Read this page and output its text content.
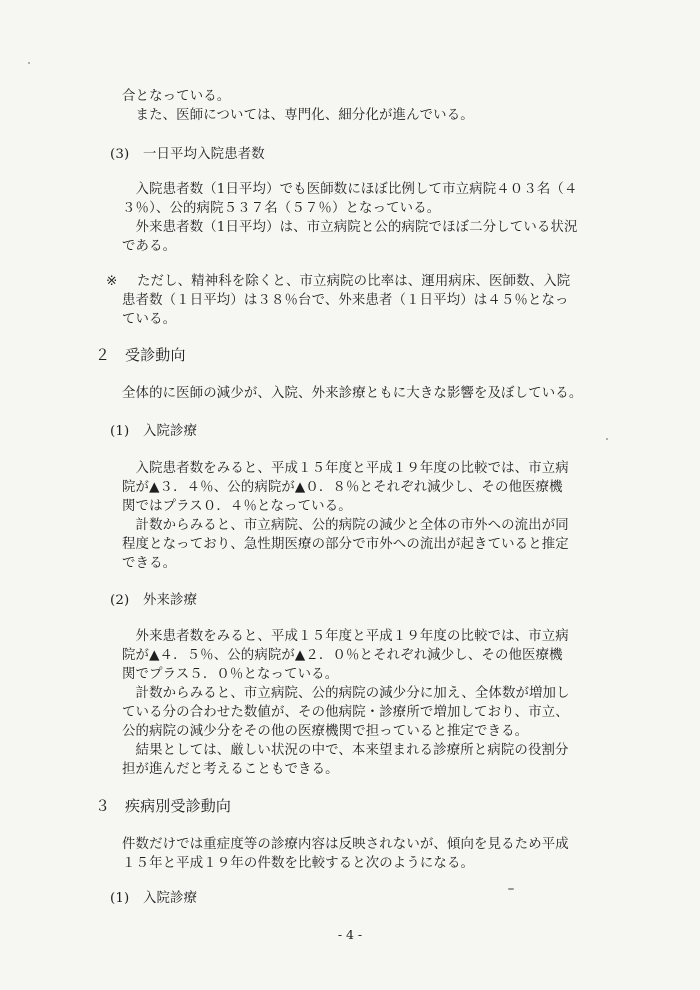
合となっている。
　また、医師については、専門化、細分化が進んでいる。
(3)　一日平均入院患者数
　入院患者数（1日平均）でも医師数にほぼ比例して市立病院４０３名（４
３％）、公的病院５３７名（５７％）となっている。
　外来患者数（1日平均）は、市立病院と公的病院でほぼ二分している状況
である。
※ ただし、精神科を除くと、市立病院の比率は、運用病床、医師数、入院
患者数（１日平均）は３８％台で、外来患者（１日平均）は４５％となっ
ている。
２ 受診動向
全体的に医師の減少が、入院、外来診療ともに大きな影響を及ぼしている。
(1)　入院診療
　入院患者数をみると、平成１５年度と平成１９年度の比較では、市立病
院が▲３．４％、公的病院が▲０．８％とそれぞれ減少し、その他医療機
関ではプラス０．４％となっている。
　計数からみると、市立病院、公的病院の減少と全体の市外への流出が同
程度となっており、急性期医療の部分で市外への流出が起きていると推定
できる。
(2)　外来診療
　外来患者数をみると、平成１５年度と平成１９年度の比較では、市立病
院が▲４．５％、公的病院が▲２．０％とそれぞれ減少し、その他医療機
関でプラス５．０％となっている。
　計数からみると、市立病院、公的病院の減少分に加え、全体数が増加し
ている分の合わせた数値が、その他病院・診療所で増加しており、市立、
公的病院の減少分をその他の医療機関で担っていると推定できる。
　結果としては、厳しい状況の中で、本来望まれる診療所と病院の役割分
担が進んだと考えることもできる。
３ 疾病別受診動向
件数だけでは重症度等の診療内容は反映されないが、傾向を見るため平成
１５年と平成１９年の件数を比較すると次のようになる。
(1)　入院診療
- 4 -
